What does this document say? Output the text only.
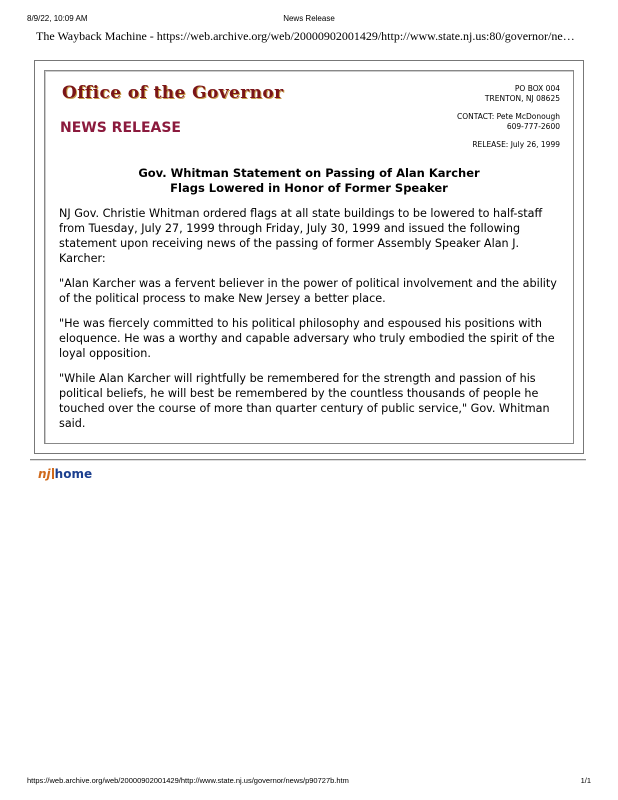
8/9/22, 10:09 AM	News Release
The Wayback Machine - https://web.archive.org/web/20000902001429/http://www.state.nj.us:80/governor/ne…
Office of the Governor
NEWS RELEASE
PO BOX 004
TRENTON, NJ 08625
CONTACT: Pete McDonough
609-777-2600
RELEASE: July 26, 1999
Gov. Whitman Statement on Passing of Alan Karcher
Flags Lowered in Honor of Former Speaker

NJ Gov. Christie Whitman ordered flags at all state buildings to be lowered to half-staff from Tuesday, July 27, 1999 through Friday, July 30, 1999 and issued the following statement upon receiving news of the passing of former Assembly Speaker Alan J. Karcher:

"Alan Karcher was a fervent believer in the power of political involvement and the ability of the political process to make New Jersey a better place.

"He was fiercely committed to his political philosophy and espoused his positions with eloquence. He was a worthy and capable adversary who truly embodied the spirit of the loyal opposition.

"While Alan Karcher will rightfully be remembered for the strength and passion of his political beliefs, he will best be remembered by the countless thousands of people he touched over the course of more than quarter century of public service," Gov. Whitman said.

nj home
https://web.archive.org/web/20000902001429/http://www.state.nj.us/governor/news/p90727b.htm	1/1
